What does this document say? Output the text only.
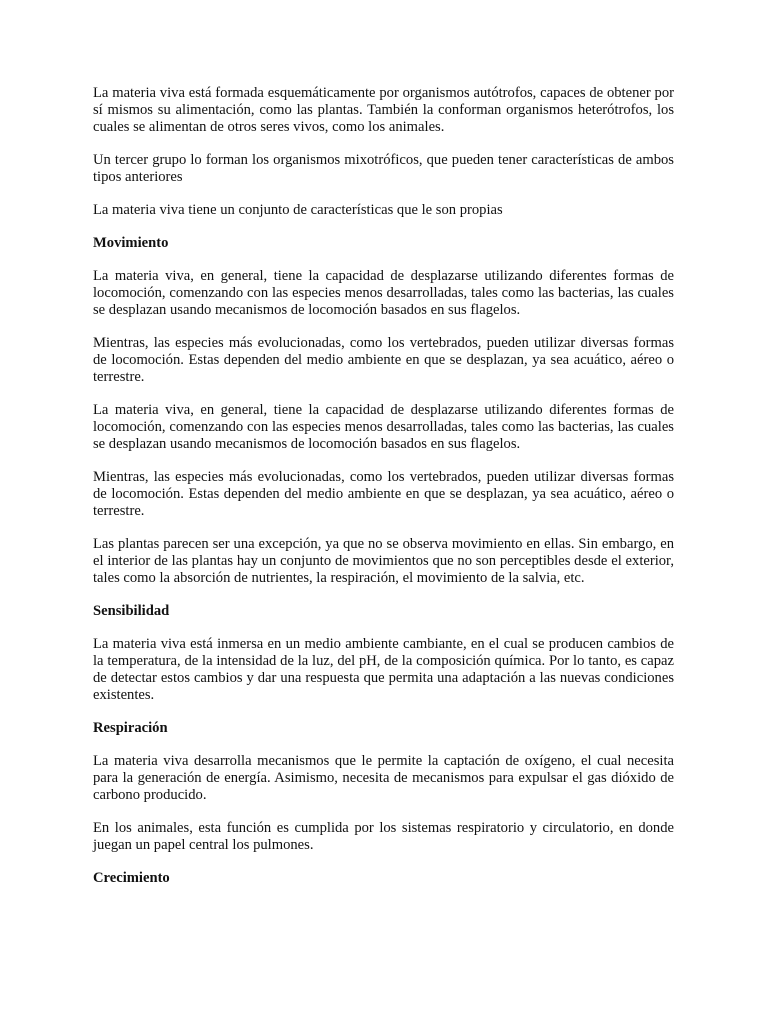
La materia viva está formada esquemáticamente por organismos autótrofos, capaces de obtener por sí mismos su alimentación, como las plantas. También la conforman organismos heterótrofos, los cuales se alimentan de otros seres vivos, como los animales.

Un tercer grupo lo forman los organismos mixotróficos, que pueden tener características de ambos tipos anteriores

La materia viva tiene un conjunto de características que le son propias

Movimiento

La materia viva, en general, tiene la capacidad de desplazarse utilizando diferentes formas de locomoción, comenzando con las especies menos desarrolladas, tales como las bacterias, las cuales se desplazan usando mecanismos de locomoción basados en sus flagelos.

Mientras, las especies más evolucionadas, como los vertebrados, pueden utilizar diversas formas de locomoción. Estas dependen del medio ambiente en que se desplazan, ya sea acuático, aéreo o terrestre.

La materia viva, en general, tiene la capacidad de desplazarse utilizando diferentes formas de locomoción, comenzando con las especies menos desarrolladas, tales como las bacterias, las cuales se desplazan usando mecanismos de locomoción basados en sus flagelos.

Mientras, las especies más evolucionadas, como los vertebrados, pueden utilizar diversas formas de locomoción. Estas dependen del medio ambiente en que se desplazan, ya sea acuático, aéreo o terrestre.

Las plantas parecen ser una excepción, ya que no se observa movimiento en ellas. Sin embargo, en el interior de las plantas hay un conjunto de movimientos que no son perceptibles desde el exterior, tales como la absorción de nutrientes, la respiración, el movimiento de la salvia, etc.

Sensibilidad

La materia viva está inmersa en un medio ambiente cambiante, en el cual se producen cambios de la temperatura, de la intensidad de la luz, del pH, de la composición química. Por lo tanto, es capaz de detectar estos cambios y dar una respuesta que permita una adaptación a las nuevas condiciones existentes.

Respiración

La materia viva desarrolla mecanismos que le permite la captación de oxígeno, el cual necesita para la generación de energía. Asimismo, necesita de mecanismos para expulsar el gas dióxido de carbono producido.

En los animales, esta función es cumplida por los sistemas respiratorio y circulatorio, en donde juegan un papel central los pulmones.

Crecimiento
